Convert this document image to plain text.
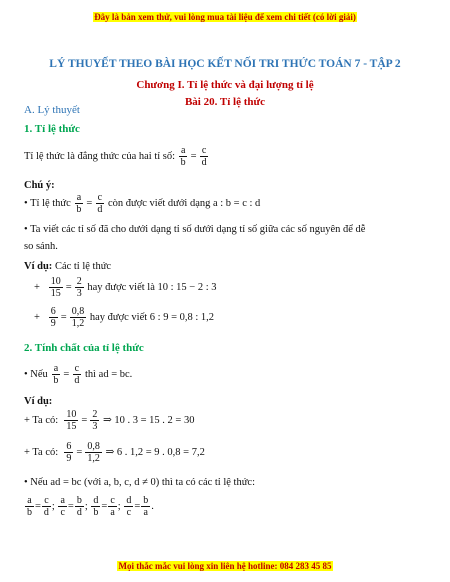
Đây là bản xem thử, vui lòng mua tài liệu để xem chi tiết (có lời giải)
LÝ THUYẾT THEO BÀI HỌC KẾT NỐI TRI THỨC TOÁN 7 - TẬP 2
Chương I. Tỉ lệ thức và đại lượng tỉ lệ
Bài 20. Tỉ lệ thức
A. Lý thuyết
1. Tỉ lệ thức
Tỉ lệ thức là đẳng thức của hai tỉ số: $\frac{a}{b} = \frac{c}{d}$
Chú ý:
• Tỉ lệ thức $\frac{a}{b} = \frac{c}{d}$ còn được viết dưới dạng a : b = c : d
• Ta viết các tỉ số đã cho dưới dạng tỉ số dưới dạng tỉ số giữa các số nguyên để dễ
so sánh.
Ví dụ: Các tỉ lệ thức
+ $\frac{10}{15} = \frac{2}{3}$ hay được viết là 10 : 15 − 2 : 3
+ $\frac{6}{9} = \frac{0,8}{1,2}$ hay được viết 6 : 9 = 0,8 : 1,2
2. Tính chất của tỉ lệ thức
• Nếu $\frac{a}{b} = \frac{c}{d}$ thì ad = bc.
Ví dụ:
+ Ta có: $\frac{10}{15} = \frac{2}{3}$ ⇒ 10 . 3 = 15 . 2 = 30
+ Ta có: $\frac{6}{9} = \frac{0,8}{1,2}$ ⇒ 6 . 1,2 = 9 . 0,8 = 7,2
• Nếu ad = bc (với a, b, c, d ≠ 0) thì ta có các tỉ lệ thức:
$\frac{a}{b} = \frac{c}{d}$ ; $\frac{a}{c} = \frac{b}{d}$ ; $\frac{d}{b} = \frac{c}{a}$ ; $\frac{d}{c} = \frac{b}{a}$ .
Mọi thắc mắc vui lòng xin liên hệ hotline: 084 283 45 85
